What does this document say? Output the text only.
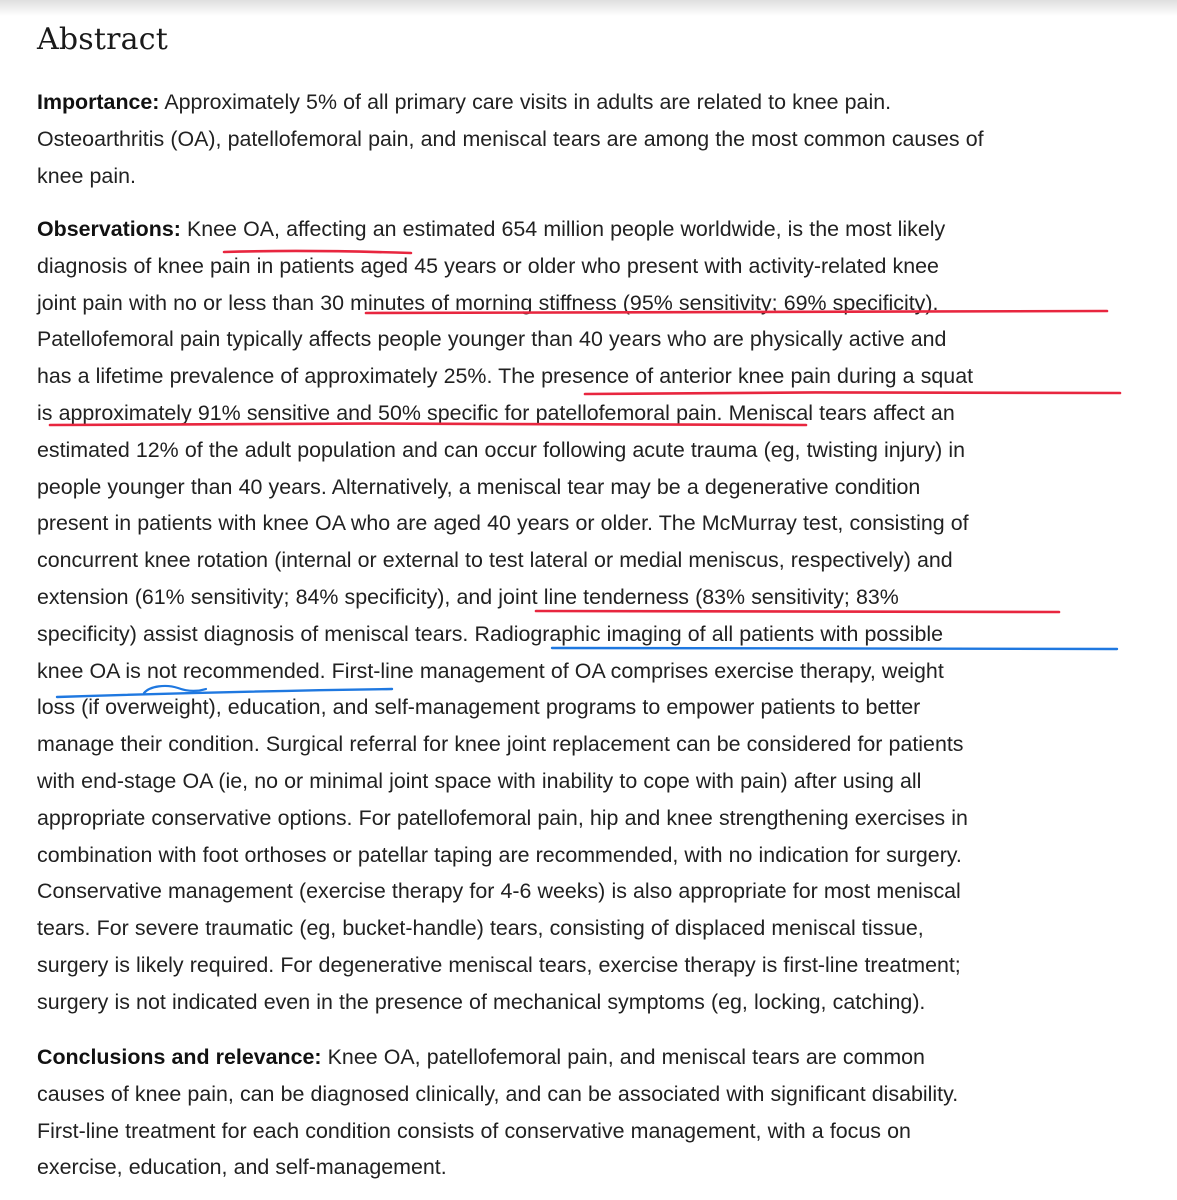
Abstract

Importance: Approximately 5% of all primary care visits in adults are related to knee pain.
Osteoarthritis (OA), patellofemoral pain, and meniscal tears are among the most common causes of
knee pain.

Observations: Knee OA, affecting an estimated 654 million people worldwide, is the most likely
diagnosis of knee pain in patients aged 45 years or older who present with activity-related knee
joint pain with no or less than 30 minutes of morning stiffness (95% sensitivity; 69% specificity).
Patellofemoral pain typically affects people younger than 40 years who are physically active and
has a lifetime prevalence of approximately 25%. The presence of anterior knee pain during a squat
is approximately 91% sensitive and 50% specific for patellofemoral pain. Meniscal tears affect an
estimated 12% of the adult population and can occur following acute trauma (eg, twisting injury) in
people younger than 40 years. Alternatively, a meniscal tear may be a degenerative condition
present in patients with knee OA who are aged 40 years or older. The McMurray test, consisting of
concurrent knee rotation (internal or external to test lateral or medial meniscus, respectively) and
extension (61% sensitivity; 84% specificity), and joint line tenderness (83% sensitivity; 83%
specificity) assist diagnosis of meniscal tears. Radiographic imaging of all patients with possible
knee OA is not recommended. First-line management of OA comprises exercise therapy, weight
loss (if overweight), education, and self-management programs to empower patients to better
manage their condition. Surgical referral for knee joint replacement can be considered for patients
with end-stage OA (ie, no or minimal joint space with inability to cope with pain) after using all
appropriate conservative options. For patellofemoral pain, hip and knee strengthening exercises in
combination with foot orthoses or patellar taping are recommended, with no indication for surgery.
Conservative management (exercise therapy for 4-6 weeks) is also appropriate for most meniscal
tears. For severe traumatic (eg, bucket-handle) tears, consisting of displaced meniscal tissue,
surgery is likely required. For degenerative meniscal tears, exercise therapy is first-line treatment;
surgery is not indicated even in the presence of mechanical symptoms (eg, locking, catching).

Conclusions and relevance: Knee OA, patellofemoral pain, and meniscal tears are common
causes of knee pain, can be diagnosed clinically, and can be associated with significant disability.
First-line treatment for each condition consists of conservative management, with a focus on
exercise, education, and self-management.
